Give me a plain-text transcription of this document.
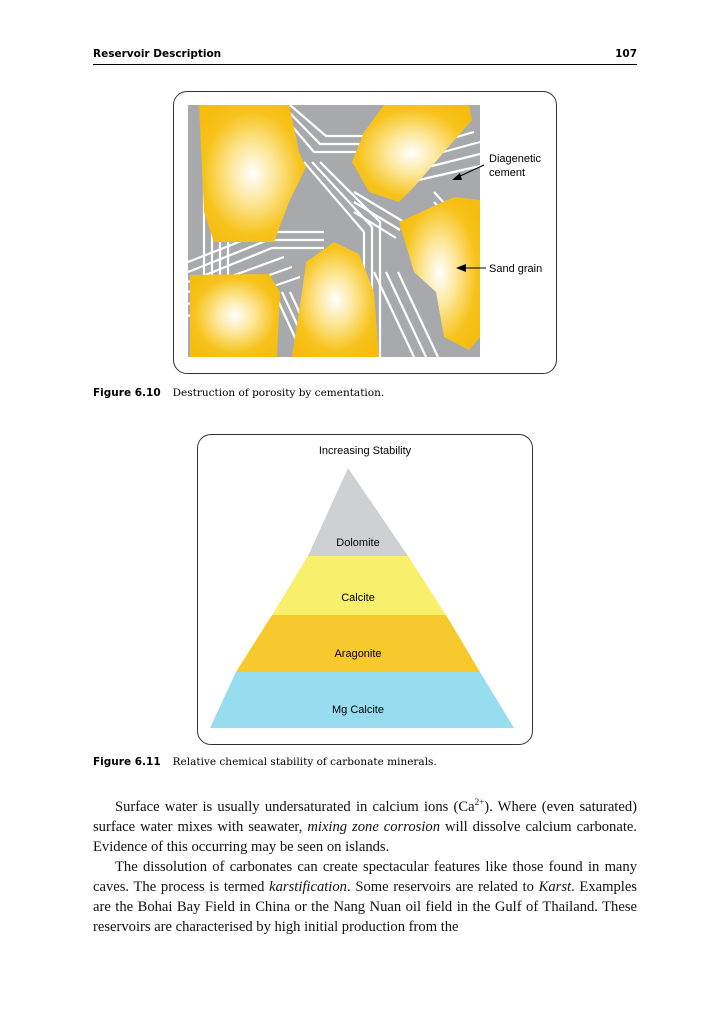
Reservoir Description	107
Diagenetic
cement
Sand grain
Figure 6.10 Destruction of porosity by cementation.
Increasing Stability
Dolomite
Calcite
Aragonite
Mg Calcite
Figure 6.11 Relative chemical stability of carbonate minerals.

Surface water is usually undersaturated in calcium ions $(Ca^{2+})$. Where (even saturated) surface water mixes with seawater, mixing zone corrosion will dissolve calcium carbonate. Evidence of this occurring may be seen on islands.

The dissolution of carbonates can create spectacular features like those found in many caves. The process is termed karstification. Some reservoirs are related to Karst. Examples are the Bohai Bay Field in China or the Nang Nuan oil field in the Gulf of Thailand. These reservoirs are characterised by high initial production from the
